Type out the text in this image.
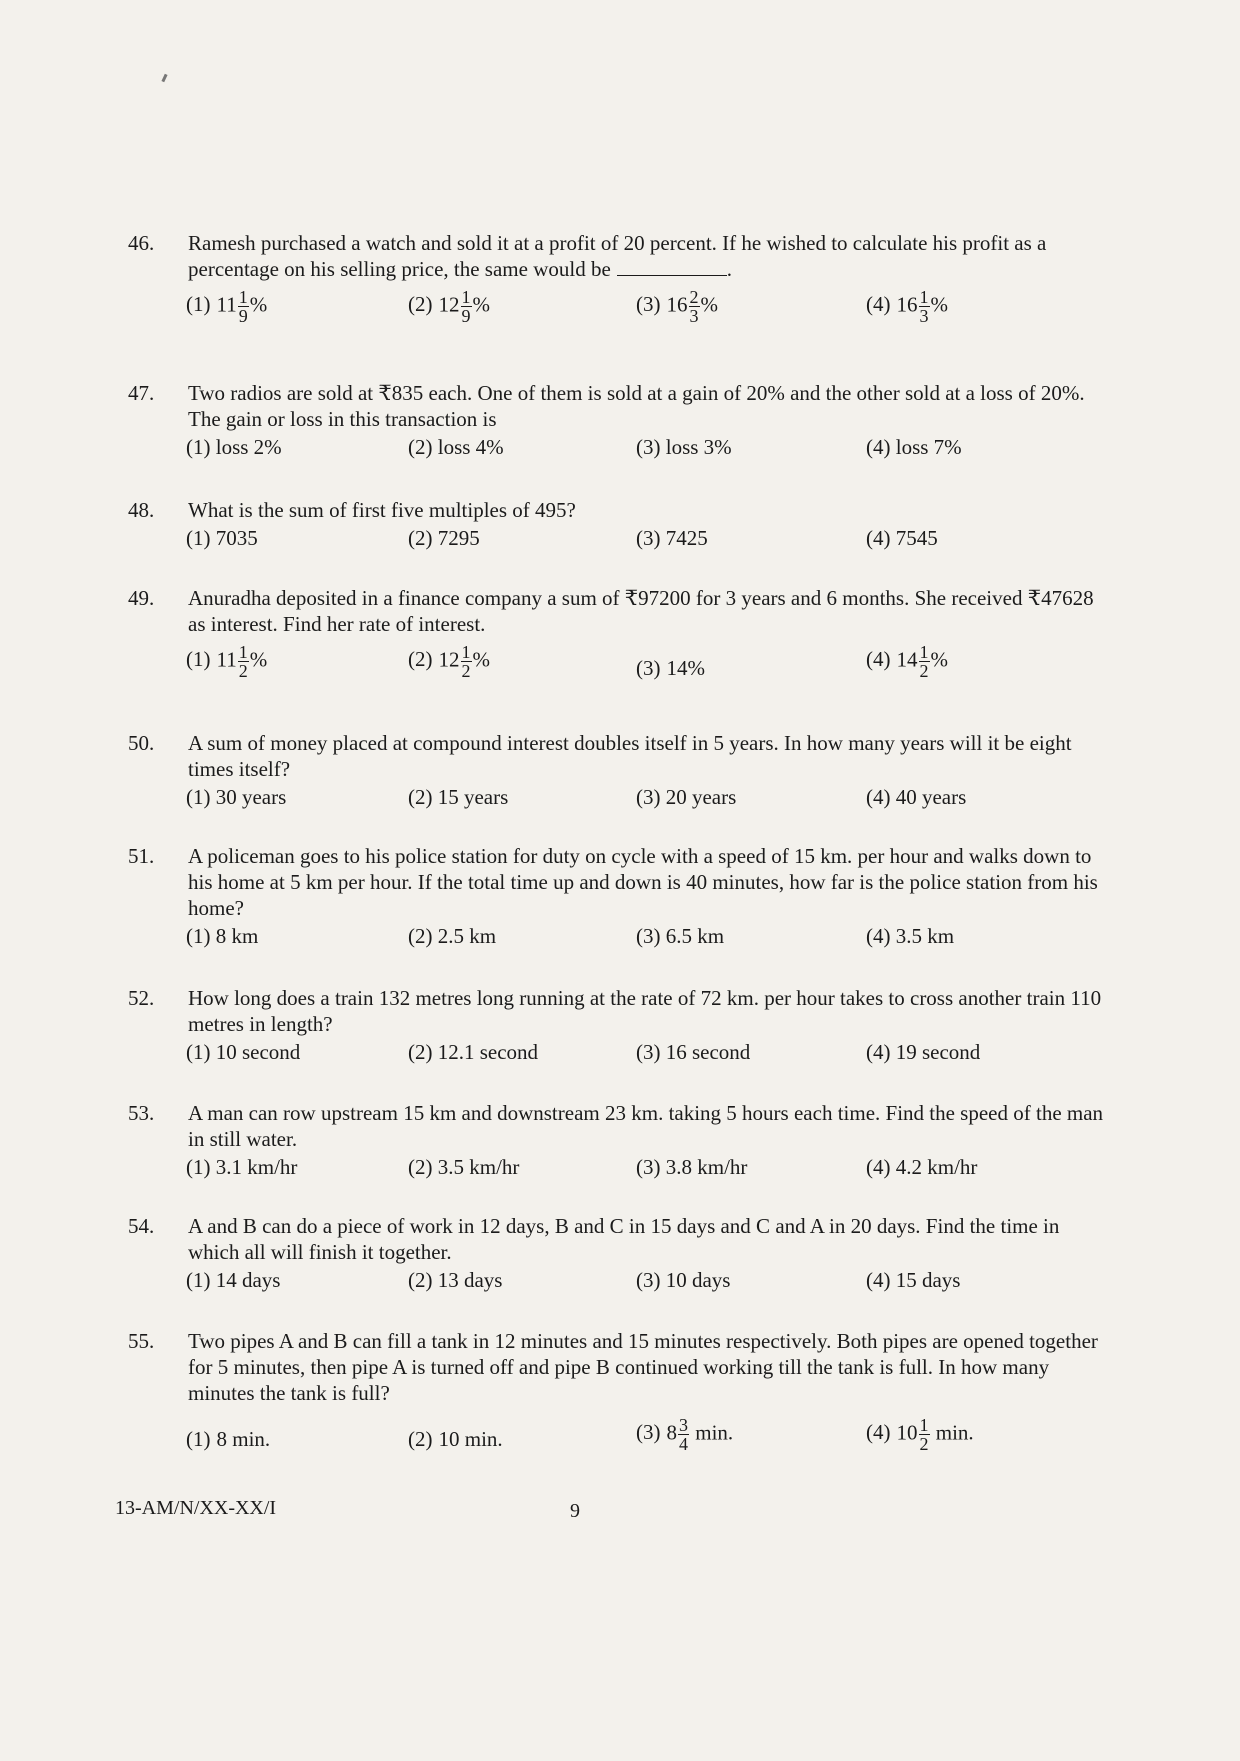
46.	Ramesh purchased a watch and sold it at a profit of 20 percent. If he wished to calculate his profit as a percentage on his selling price, the same would be	.
(1) $11 \frac{1}{9}$ %	(2) $12 \frac{1}{9}$ %	(3) $16 \frac{2}{3}$ %	(4) $16 \frac{1}{3}$ %
47.	Two radios are sold at ₹835 each. One of them is sold at a gain of 20% and the other sold at a loss of 20%. The gain or loss in this transaction is
(1) loss 2%	(2) loss 4%	(3) loss 3%	(4) loss 7%
48.	What is the sum of first five multiples of 495?
(1) 7035	(2) 7295	(3) 7425	(4) 7545
49.	Anuradha deposited in a finance company a sum of ₹97200 for 3 years and 6 months. She received ₹47628 as interest. Find her rate of interest.
(1) $11 \frac{1}{2}$ %	(2) $12 \frac{1}{2}$ %	(3) 14%	(4) $14 \frac{1}{2}$ %
50.	A sum of money placed at compound interest doubles itself in 5 years. In how many years will it be eight times itself?
(1) 30 years	(2) 15 years	(3) 20 years	(4) 40 years
51.	A policeman goes to his police station for duty on cycle with a speed of 15 km. per hour and walks down to his home at 5 km per hour. If the total time up and down is 40 minutes, how far is the police station from his home?
(1) 8 km	(2) 2.5 km	(3) 6.5 km	(4) 3.5 km
52.	How long does a train 132 metres long running at the rate of 72 km. per hour takes to cross another train 110 metres in length?
(1) 10 second	(2) 12.1 second	(3) 16 second	(4) 19 second
53.	A man can row upstream 15 km and downstream 23 km. taking 5 hours each time. Find the speed of the man in still water.
(1) 3.1 km/hr	(2) 3.5 km/hr	(3) 3.8 km/hr	(4) 4.2 km/hr
54.	A and B can do a piece of work in 12 days, B and C in 15 days and C and A in 20 days. Find the time in which all will finish it together.
(1) 14 days	(2) 13 days	(3) 10 days	(4) 15 days
55.	Two pipes A and B can fill a tank in 12 minutes and 15 minutes respectively. Both pipes are opened together for 5 minutes, then pipe A is turned off and pipe B continued working till the tank is full. In how many minutes the tank is full?
(1) 8 min.	(2) 10 min.	(3) $8 \frac{3}{4} \min$.	(4) $10 \frac{1}{2} \min$.
13-AM/N/XX-XX/I	9
